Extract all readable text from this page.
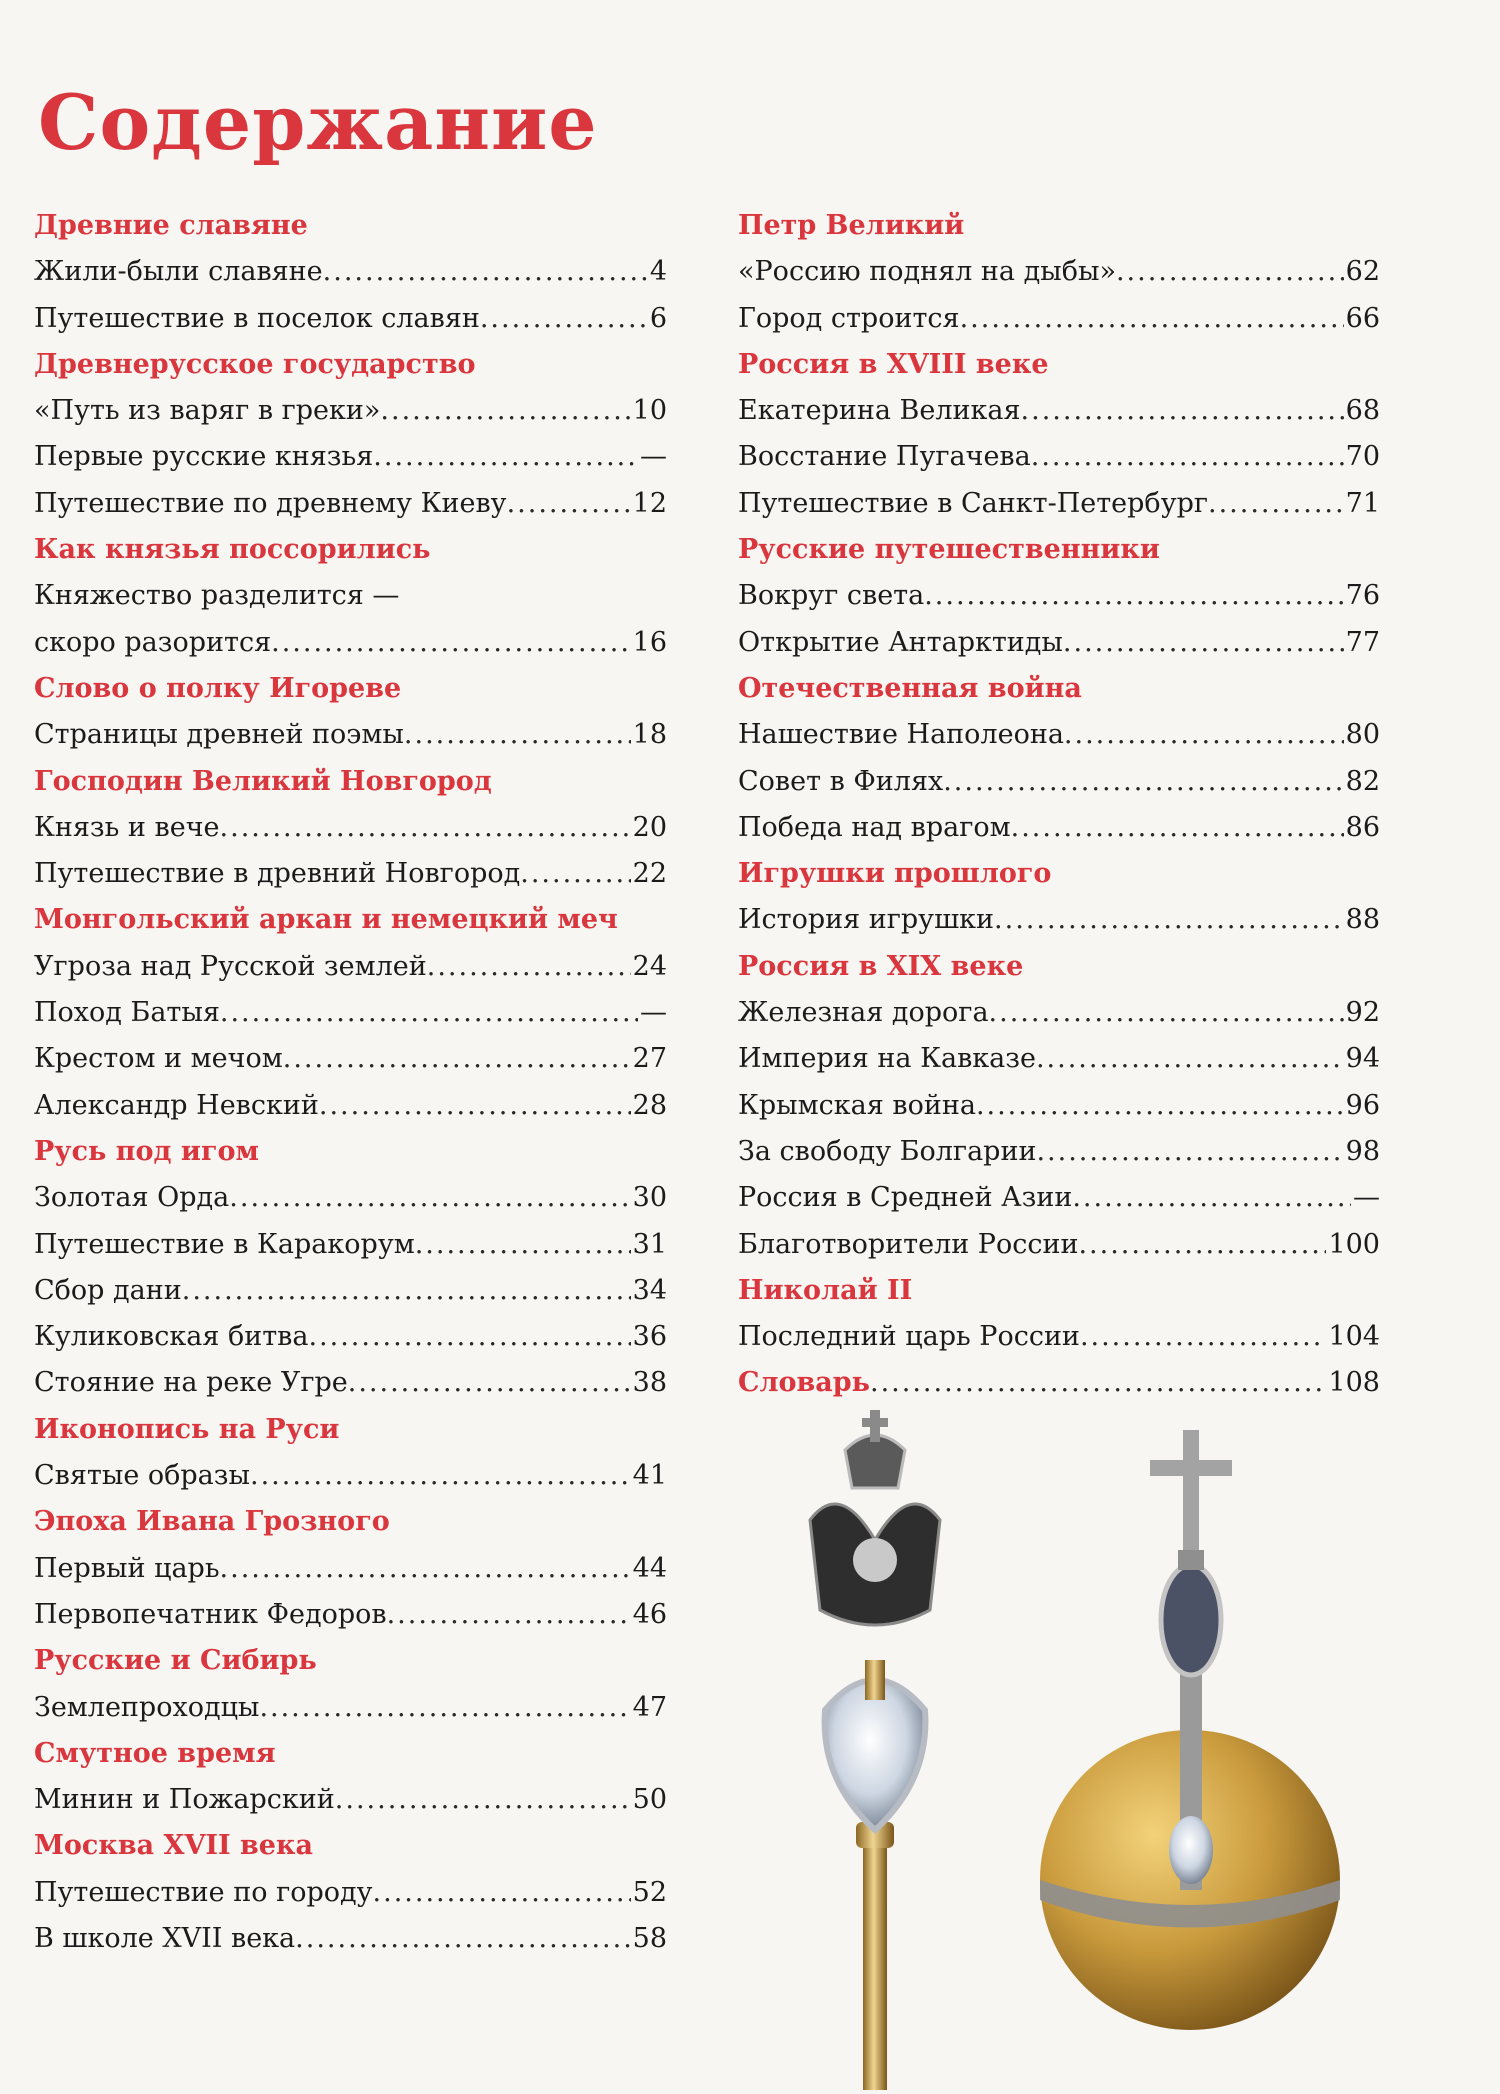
Содержание
Древние славяне
Жили-были славяне .....	4
Путешествие в поселок славян .....	6
Древнерусское государство
«Путь из варяг в греки» .....	10
Первые русские князья .....	—
Путешествие по древнему Киеву .....	12
Как князья поссорились
Княжество разделится —
скоро разорится .....	16
Слово о полку Игореве
Страницы древней поэмы .....	18
Господин Великий Новгород
Князь и вече .....	20
Путешествие в древний Новгород .....	22
Монгольский аркан и немецкий меч
Угроза над Русской землей .....	24
Поход Батыя .....	—
Крестом и мечом .....	27
Александр Невский .....	28
Русь под игом
Золотая Орда .....	30
Путешествие в Каракорум .....	31
Сбор дани .....	34
Куликовская битва .....	36
Стояние на реке Угре .....	38
Иконопись на Руси
Святые образы .....	41
Эпоха Ивана Грозного
Первый царь .....	44
Первопечатник Федоров .....	46
Русские и Сибирь
Землепроходцы .....	47
Смутное время
Минин и Пожарский .....	50
Москва XVII века
Путешествие по городу .....	52
В школе XVII века .....	58
Петр Великий
«Россию поднял на дыбы» .....	62
Город строится .....	66
Россия в XVIII веке
Екатерина Великая .....	68
Восстание Пугачева .....	70
Путешествие в Санкт-Петербург .....	71
Русские путешественники
Вокруг света .....	76
Открытие Антарктиды .....	77
Отечественная война
Нашествие Наполеона .....	80
Совет в Филях .....	82
Победа над врагом .....	86
Игрушки прошлого
История игрушки .....	88
Россия в XIX веке
Железная дорога .....	92
Империя на Кавказе .....	94
Крымская война .....	96
За свободу Болгарии .....	98
Россия в Средней Азии .....	—
Благотворители России .....	100
Николай II
Последний царь России .....	104
Словарь .....	108
